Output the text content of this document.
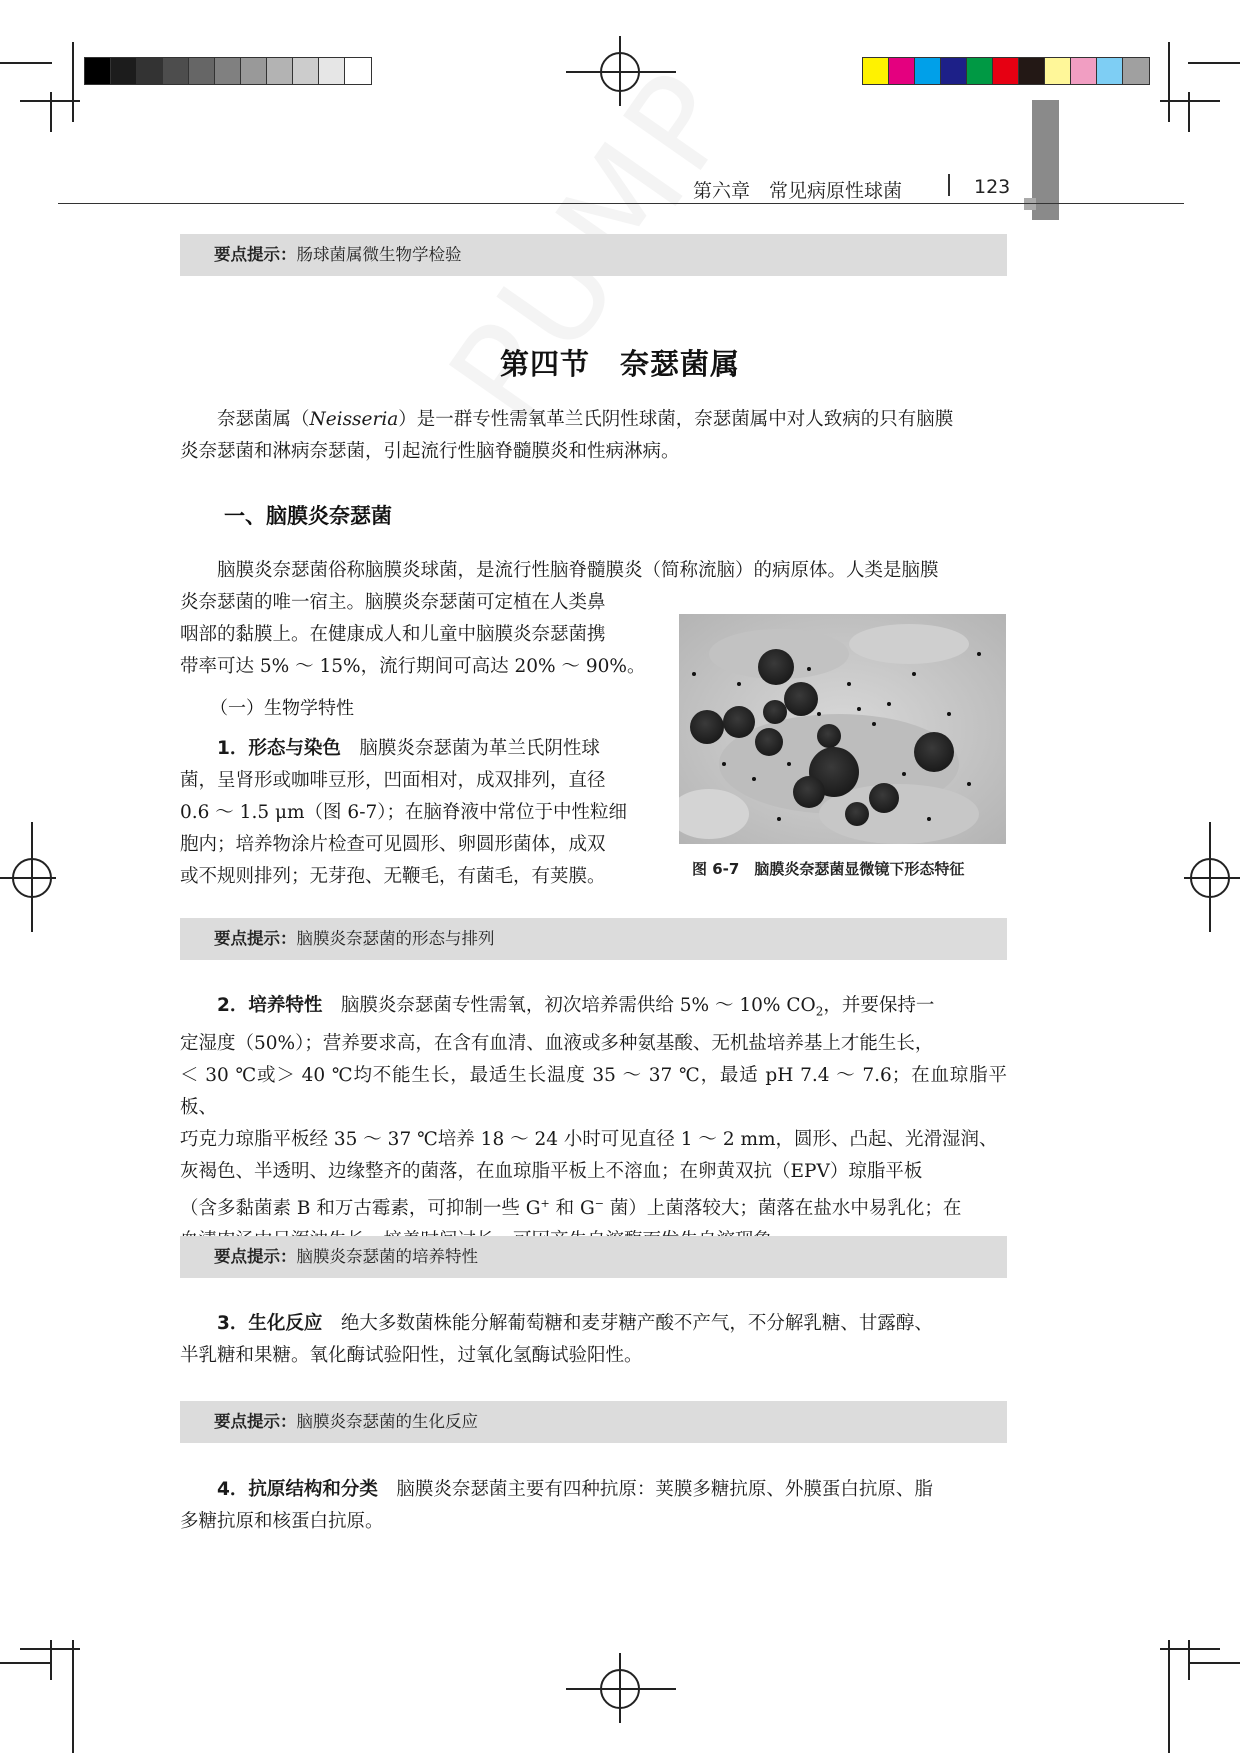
第六章　常见病原性球菌	123
要点提示：肠球菌属微生物学检验
第四节　奈瑟菌属
奈瑟菌属（Neisseria）是一群专性需氧革兰氏阴性球菌，奈瑟菌属中对人致病的只有脑膜
炎奈瑟菌和淋病奈瑟菌，引起流行性脑脊髓膜炎和性病淋病。
一、脑膜炎奈瑟菌
脑膜炎奈瑟菌俗称脑膜炎球菌，是流行性脑脊髓膜炎（简称流脑）的病原体。人类是脑膜
炎奈瑟菌的唯一宿主。脑膜炎奈瑟菌可定植在人类鼻
咽部的黏膜上。在健康成人和儿童中脑膜炎奈瑟菌携
带率可达 5% ～ 15%，流行期间可高达 20% ～ 90%。
（一）生物学特性
1．形态与染色　 脑膜炎奈瑟菌为革兰氏阴性球
菌，呈肾形或咖啡豆形，凹面相对，成双排列，直径
0.6 ～ 1.5 μm（图 6-7）；在脑脊液中常位于中性粒细
胞内；培养物涂片检查可见圆形、卵圆形菌体，成双
或不规则排列；无芽孢、无鞭毛，有菌毛，有荚膜。	图 6-7　脑膜炎奈瑟菌显微镜下形态特征
要点提示：脑膜炎奈瑟菌的形态与排列
2．培养特性　 脑膜炎奈瑟菌专性需氧，初次培养需供给 5% ～ 10% $CO_2$，并要保持一
定湿度（50%）；营养要求高，在含有血清、血液或多种氨基酸、无机盐培养基上才能生长，
＜ 30 ℃或＞ 40 ℃均不能生长，最适生长温度 35 ～ 37 ℃，最适 pH 7.4 ～ 7.6；在血琼脂平板、
巧克力琼脂平板经 35 ～ 37 ℃培养 18 ～ 24 小时可见直径 1 ～ 2 mm，圆形、凸起、光滑湿润、
灰褐色、半透明、边缘整齐的菌落，在血琼脂平板上不溶血；在卵黄双抗（EPV）琼脂平板
（含多黏菌素 B 和万古霉素，可抑制一些 G+ 和 G− 菌）上菌落较大；菌落在盐水中易乳化；在
要点提示：脑膜炎奈瑟菌的培养特性
3．生化反应　 绝大多数菌株能分解葡萄糖和麦芽糖产酸不产气，不分解乳糖、甘露醇、
半乳糖和果糖。氧化酶试验阳性，过氧化氢酶试验阳性。
要点提示：脑膜炎奈瑟菌的生化反应
4．抗原结构和分类　 脑膜炎奈瑟菌主要有四种抗原：荚膜多糖抗原、外膜蛋白抗原、脂
多糖抗原和核蛋白抗原。
